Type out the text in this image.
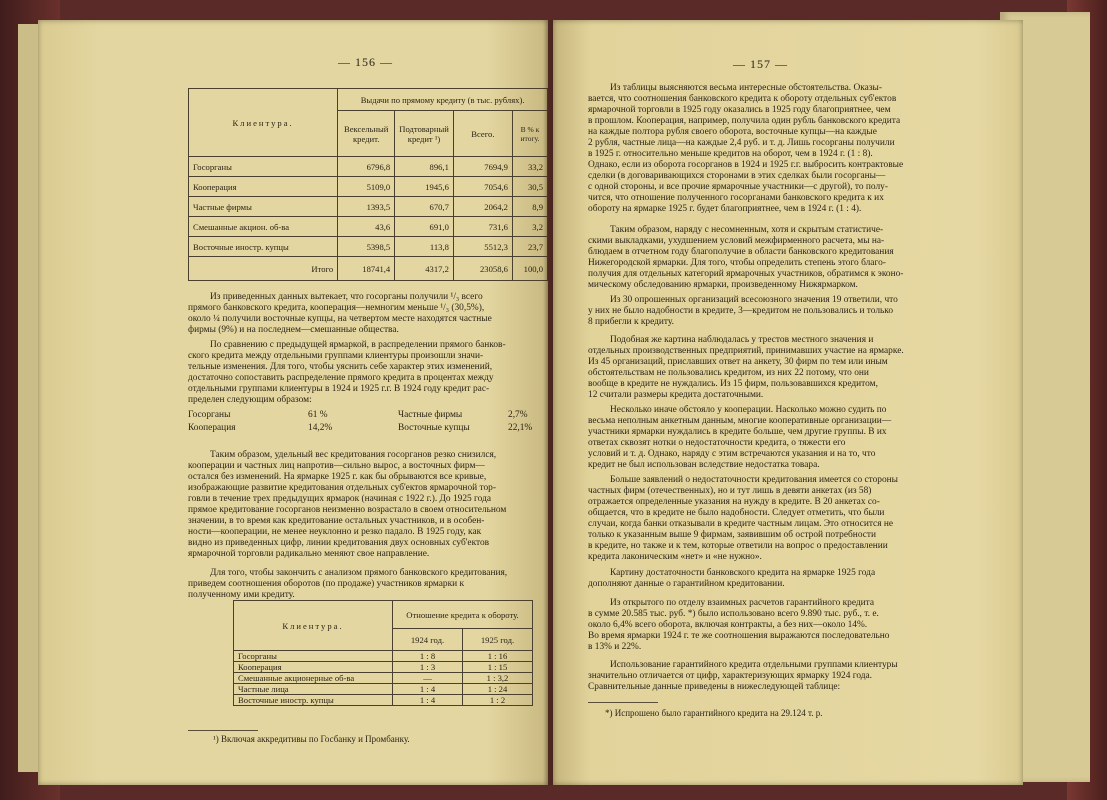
— 156 —
Клиентура.	Выдачи по прямому кредиту (в тыс. рублях).			
	Вексельный кредит.	Подтоварный кредит ¹)	Всего.	В % к итогу.
Госорганы	6796,8	896,1	7694,9	33,2
Кооперация	5109,0	1945,6	7054,6	30,5
Частные фирмы	1393,5	670,7	2064,2	8,9
Смешанные акцион. об-ва	43,6	691,0	731,6	3,2
Восточные иностр. купцы	5398,5	113,8	5512,3	23,7
Итого	18741,4	4317,2	23058,6	100,0
Из приведенных данных вытекает, что госорганы получили ¹/₃ всего
прямого банковского кредита, кооперация—немногим меньше ¹/₃ (30,5%),
около ¼ получили восточные купцы, на четвертом месте находятся частные
фирмы (9%) и на последнем—смешанные общества.
По сравнению с предыдущей ярмаркой, в распределении прямого банков-
ского кредита между отдельными группами клиентуры произошли значи-
тельные изменения. Для того, чтобы уяснить себе характер этих изменений,
достаточно сопоставить распределение прямого кредита в процентах между
отдельными группами клиентуры в 1924 и 1925 г.г. В 1924 году кредит рас-
пределен следующим образом:
Госорганы	61 %	Частные фирмы	2,7%
Кооперация	14,2%	Восточные купцы	22,1%
Таким образом, удельный вес кредитования госорганов резко снизился,
кооперации и частных лиц напротив—сильно вырос, а восточных фирм—
остался без изменений. На ярмарке 1925 г. как бы обрываются все кривые,
изображающие развитие кредитования отдельных суб'ектов ярмарочной тор-
говли в течение трех предыдущих ярмарок (начиная с 1922 г.). До 1925 года
прямое кредитование госорганов неизменно возрастало в своем относительном
значении, в то время как кредитование остальных участников, и в особен-
ности—кооперации, не менее неуклонно и резко падало. В 1925 году, как
видно из приведенных цифр, линии кредитования двух основных суб'ектов
ярмарочной торговли радикально меняют свое направление.
Для того, чтобы закончить с анализом прямого банковского кредитования,
приведем соотношения оборотов (по продаже) участников ярмарки к
полученному ими кредиту.
Клиентура.	Отношение кредита к обороту.	
	1924 год.	1925 год.
Госорганы	1 : 8	1 : 16
Кооперация	1 : 3	1 : 15
Смешанные акционерные об-ва	—	1 : 3,2
Частные лица	1 : 4	1 : 24
Восточные иностр. купцы	1 : 4	1 : 2
¹) Включая аккредитивы по Госбанку и Промбанку.
— 157 —
Из таблицы выясняются весьма интересные обстоятельства. Оказы-
вается, что соотношения банковского кредита к обороту отдельных суб'ектов
ярмарочной торговли в 1925 году оказались в 1925 году благоприятнее, чем
в прошлом. Кооперация, например, получила один рубль банковского кредита
на каждые полтора рубля своего оборота, восточные купцы—на каждые
2 рубля, частные лица—на каждые 2,4 руб. и т. д. Лишь госорганы получили
в 1925 г. относительно меньше кредитов на оборот, чем в 1924 г. (1 : 8).
Однако, если из оборота госорганов в 1924 и 1925 г.г. выбросить контрактовые
сделки (в договаривающихся сторонами в этих сделках были госорганы—
с одной стороны, и все прочие ярмарочные участники—с другой), то полу-
чится, что отношение полученного госорганами банковского кредита к их
обороту на ярмарке 1925 г. будет благоприятнее, чем в 1924 г. (1 : 4).
Таким образом, наряду с несомненным, хотя и скрытым статистиче-
скими выкладками, ухудшением условий межфирменного расчета, мы на-
блюдаем в отчетном году благополучие в области банковского кредитования
Нижегородской ярмарки. Для того, чтобы определить степень этого благо-
получия для отдельных категорий ярмарочных участников, обратимся к эконо-
мическому обследованию ярмарки, произведенному Нижярмарком.
Из 30 опрошенных организаций всесоюзного значения 19 ответили, что
у них не было надобности в кредите, 3—кредитом не пользовались и только
8 прибегли к кредиту.
Подобная же картина наблюдалась у трестов местного значения и
отдельных производственных предприятий, принимавших участие на ярмарке.
Из 45 организаций, приславших ответ на анкету, 30 фирм по тем или иным
обстоятельствам не пользовались кредитом, из них 22 потому, что они
вообще в кредите не нуждались. Из 15 фирм, пользовавшихся кредитом,
12 считали размеры кредита достаточными.
Несколько иначе обстояло у кооперации. Насколько можно судить по
весьма неполным анкетным данным, многие кооперативные организации—
участники ярмарки нуждались в кредите больше, чем другие группы. В их
ответах сквозят нотки о недостаточности кредита, о тяжести его
условий и т. д. Однако, наряду с этим встречаются указания и на то, что
кредит не был использован вследствие недостатка товара.
Больше заявлений о недостаточности кредитования имеется со стороны
частных фирм (отечественных), но и тут лишь в девяти анкетах (из 58)
отражается определенные указания на нужду в кредите. В 20 анкетах со-
общается, что в кредите не было надобности. Следует отметить, что были
случаи, когда банки отказывали в кредите частным лицам. Это относится не
только к указанным выше 9 фирмам, заявившим об острой потребности
в кредите, но также и к тем, которые ответили на вопрос о предоставлении
кредита лаконическим «нет» и «не нужно».
Картину достаточности банковского кредита на ярмарке 1925 года
дополняют данные о гарантийном кредитовании.
Из открытого по отделу взаимных расчетов гарантийного кредита
в сумме 20.585 тыс. руб. *) было использовано всего 9.890 тыс. руб., т. е.
около 6,4% всего оборота, включая контракты, а без них—около 14%.
Во время ярмарки 1924 г. те же соотношения выражаются последовательно
в 13% и 22%.
Использование гарантийного кредита отдельными группами клиентуры
значительно отличается от цифр, характеризующих ярмарку 1924 года.
Сравнительные данные приведены в нижеследующей таблице:
*) Испрошено было гарантийного кредита на 29.124 т. р.
